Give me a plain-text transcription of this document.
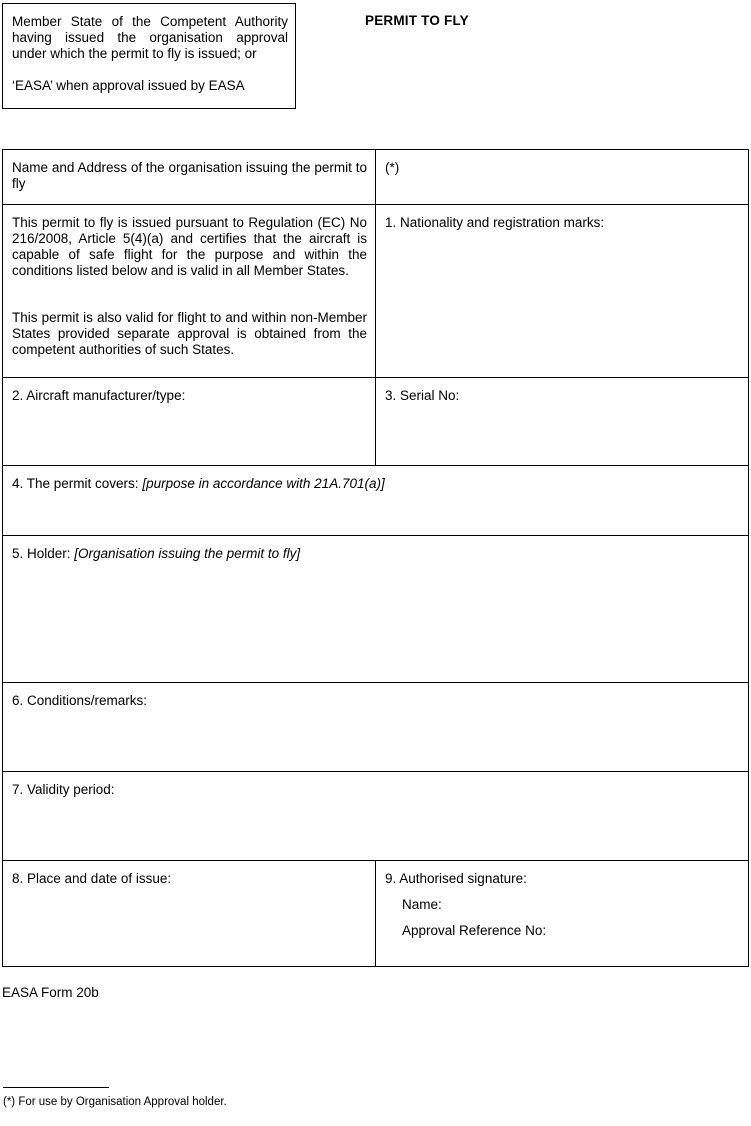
Member State of the Competent Authority having issued the organisation approval under which the permit to fly is issued; or

‘EASA’ when approval issued by EASA

PERMIT TO FLY

Name and Address of the organisation issuing the permit to fly

(*)

This permit to fly is issued pursuant to Regulation (EC) No 216/2008, Article 5(4)(a) and certifies that the aircraft is capable of safe flight for the purpose and within the conditions listed below and is valid in all Member States.

This permit is also valid for flight to and within non-Member States provided separate approval is obtained from the competent authorities of such States.

1. Nationality and registration marks:

2. Aircraft manufacturer/type:	3. Serial No:

4. The permit covers: [purpose in accordance with 21A.701(a)]

5. Holder: [Organisation issuing the permit to fly]

6. Conditions/remarks:

7. Validity period:

8. Place and date of issue:	9. Authorised signature:

Name:

Approval Reference No:

EASA Form 20b
(*) For use by Organisation Approval holder.
